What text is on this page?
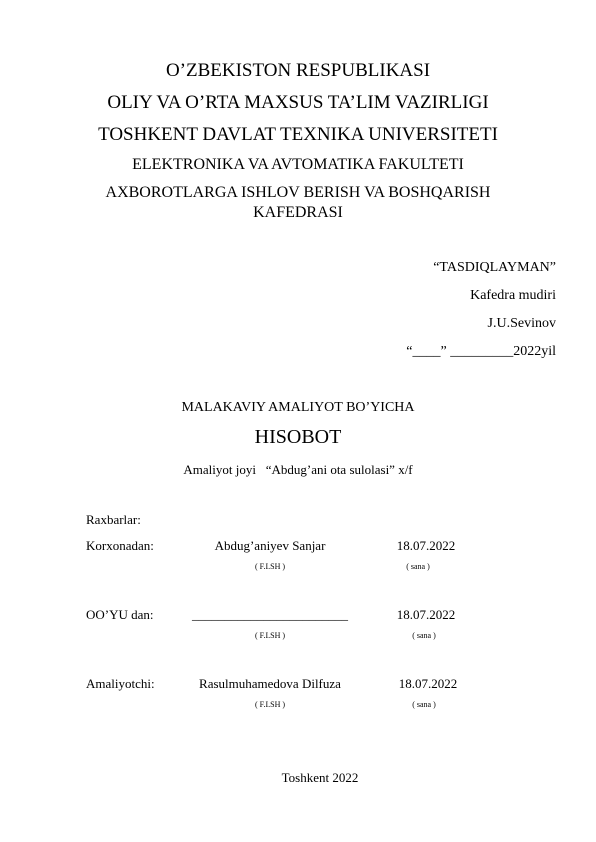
O’ZBEKISTON RESPUBLIKASI
OLIY VA O’RTA MAXSUS TA’LIM VAZIRLIGI
TOSHKENT DAVLAT TEXNIKA UNIVERSITETI
ELEKTRONIKA VA AVTOMATIKA FAKULTETI
AXBOROTLARGA ISHLOV BERISH VA BOSHQARISH
KAFEDRASI
“TASDIQLAYMAN”
Kafedra mudiri
J.U.Sevinov
“____” _________2022yil
MALAKAVIY AMALIYOT BO’YICHA
HISOBOT
Amaliyot joyi “Abdug’ani ota sulolasi” x/f
Raxbarlar:
Korxonadan:	Abdug’aniyev Sanjar	18.07.2022
( F.I.SH )	( sana )
OO’YU dan:	________________________	18.07.2022
( F.I.SH )	( sana )
Amaliyotchi:	Rasulmuhamedova Dilfuza	18.07.2022
( F.I.SH )	( sana )
Toshkent 2022
